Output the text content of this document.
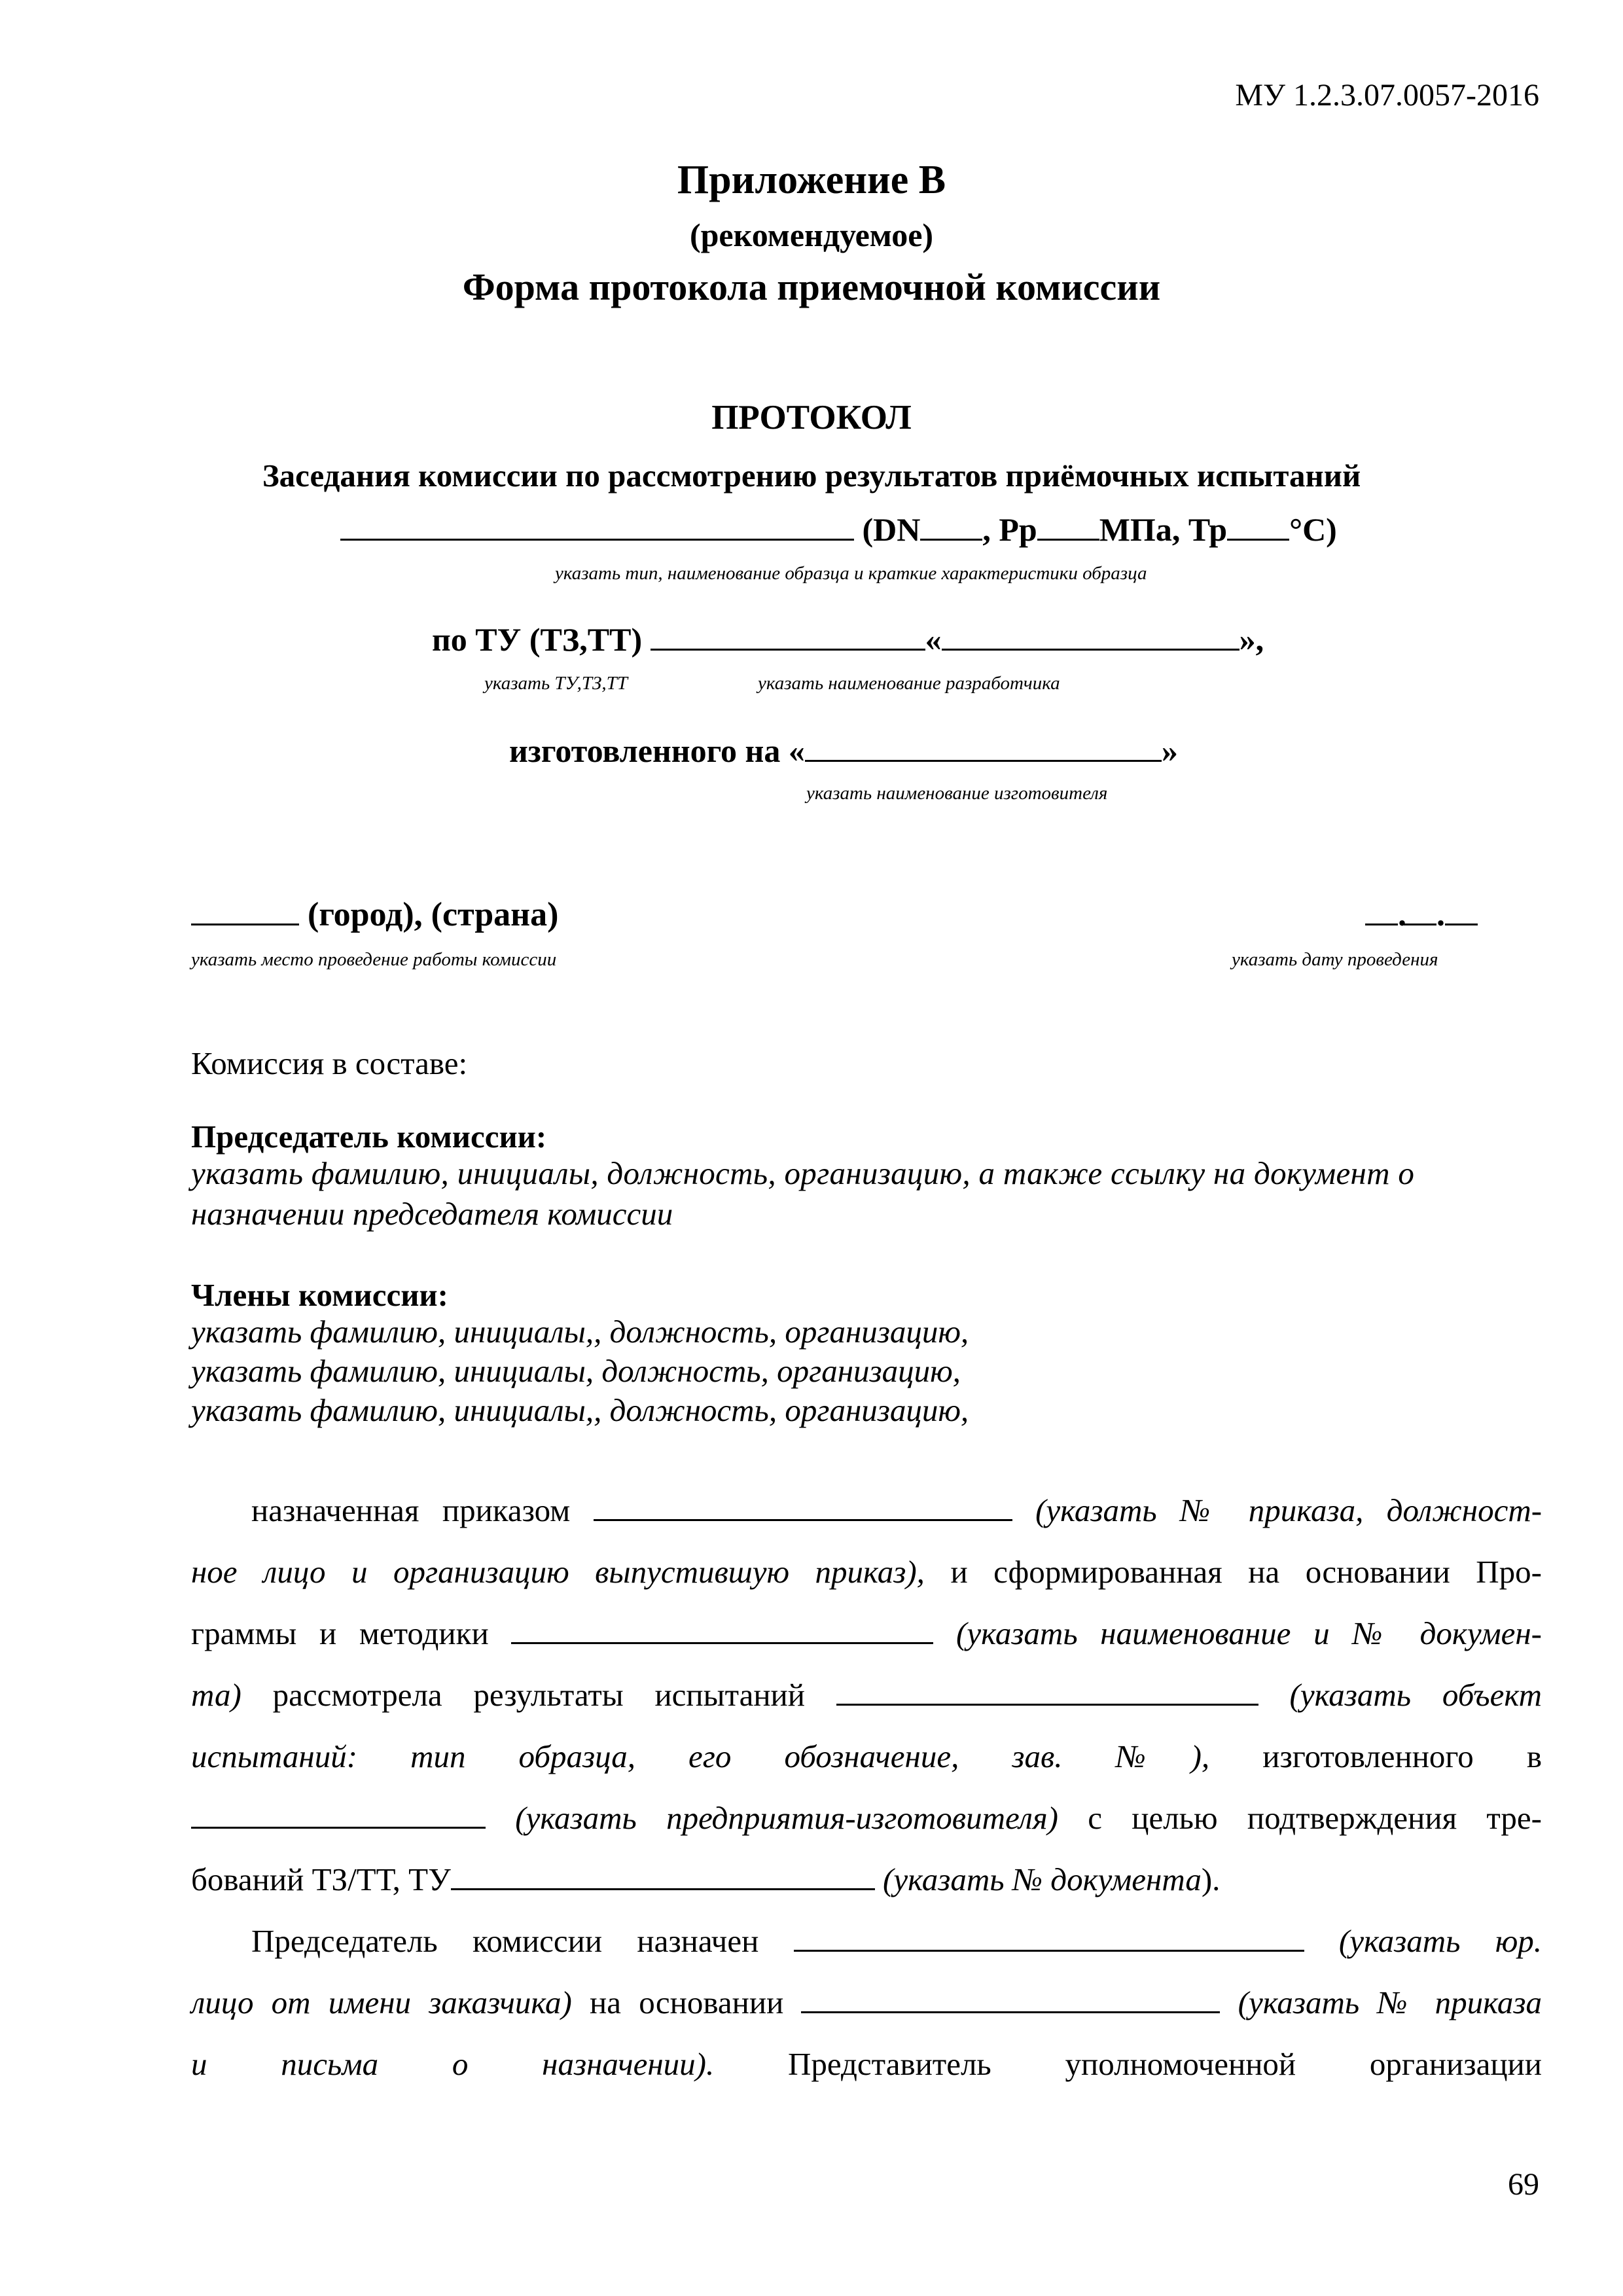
МУ 1.2.3.07.0057-2016
Приложение В
(рекомендуемое)
Форма протокола приемочной комиссии
ПРОТОКОЛ
Заседания комиссии по рассмотрению результатов приёмочных испытаний
(DN , Pp МПа, Тр °C)
указать тип, наименование образца и краткие характеристики образца
по ТУ (ТЗ,ТТ)	«	»,
указать ТУ,ТЗ,ТТ	указать наименование разработчика
изготовленного на «	»
указать наименование изготовителя
(город), (страна)	. .
указать место проведение работы комиссии	указать дату проведения
Комиссия в составе:
Председатель комиссии:
указать фамилию, инициалы, должность, организацию, а также ссылку на документ о
назначении председателя комиссии
Члены комиссии:
указать фамилию, инициалы,, должность, организацию,
указать фамилию, инициалы, должность, организацию,
указать фамилию, инициалы,, должность, организацию,
назначенная приказом	(указать № приказа, должност-
ное лицо и организацию выпустившую приказ), и сформированная на основании Про-
граммы и методики	(указать наименование и № докумен-
та) рассмотрела результаты испытаний	(указать объект
испытаний: тип образца, его обозначение, зав. №), изготовленного в
(указать предприятия-изготовителя) с целью подтверждения тре-
бований ТЗ/ТТ, ТУ	(указать № документа).
Председатель комиссии назначен	(указать юр.
лицо от имени заказчика) на основании	(указать № приказа
и письма о назначении). Представитель уполномоченной организации
69
